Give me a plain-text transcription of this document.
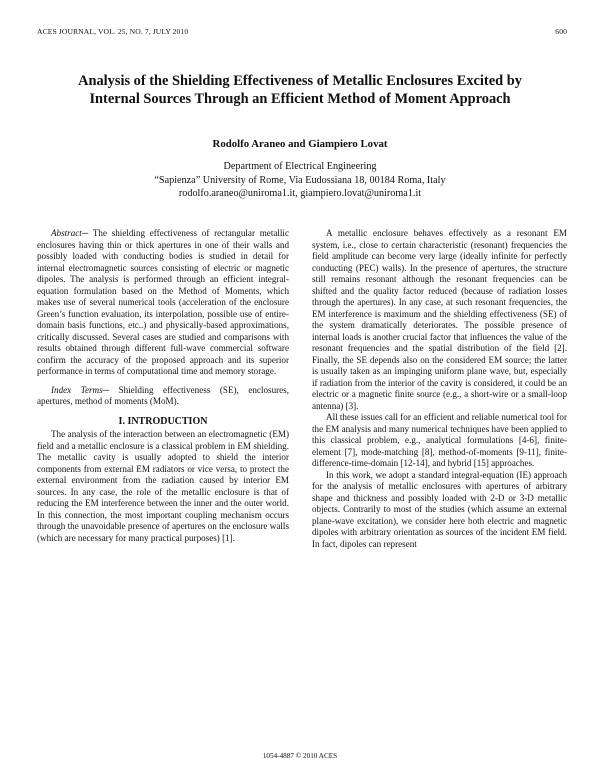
ACES JOURNAL, VOL. 25, NO. 7, JULY 2010	600
Analysis of the Shielding Effectiveness of Metallic Enclosures Excited by Internal Sources Through an Efficient Method of Moment Approach
Rodolfo Araneo and Giampiero Lovat
Department of Electrical Engineering
“Sapienza” University of Rome, Via Eudossiana 18, 00184 Roma, Italy
rodolfo.araneo@uniroma1.it, giampiero.lovat@uniroma1.it

Abstract─ The shielding effectiveness of rectangular metallic enclosures having thin or thick apertures in one of their walls and possibly loaded with conducting bodies is studied in detail for internal electromagnetic sources consisting of electric or magnetic dipoles. The analysis is performed through an efficient integral-equation formulation based on the Method of Moments, which makes use of several numerical tools (acceleration of the enclosure Green’s function evaluation, its interpolation, possible use of entire-domain basis functions, etc..) and physically-based approximations, critically discussed. Several cases are studied and comparisons with results obtained through different full-wave commercial software confirm the accuracy of the proposed approach and its superior performance in terms of computational time and memory storage.

Index Terms─ Shielding effectiveness (SE), enclosures, apertures, method of moments (MoM).

I. INTRODUCTION

The analysis of the interaction between an electromagnetic (EM) field and a metallic enclosure is a classical problem in EM shielding. The metallic cavity is usually adopted to shield the interior components from external EM radiators or vice versa, to protect the external environment from the radiation caused by interior EM sources. In any case, the role of the metallic enclosure is that of reducing the EM interference between the inner and the outer world. In this connection, the most important coupling mechanism occurs through the unavoidable presence of apertures on the enclosure walls (which are necessary for many practical purposes) [1].

A metallic enclosure behaves effectively as a resonant EM system, i.e., close to certain characteristic (resonant) frequencies the field amplitude can become very large (ideally infinite for perfectly conducting (PEC) walls). In the presence of apertures, the structure still remains resonant although the resonant frequencies can be shifted and the quality factor reduced (because of radiation losses through the apertures). In any case, at such resonant frequencies, the EM interference is maximum and the shielding effectiveness (SE) of the system dramatically deteriorates. The possible presence of internal loads is another crucial factor that influences the value of the resonant frequencies and the spatial distribution of the field [2]. Finally, the SE depends also on the considered EM source; the latter is usually taken as an impinging uniform plane wave, but, especially if radiation from the interior of the cavity is considered, it could be an electric or a magnetic finite source (e.g., a short-wire or a small-loop antenna) [3].

All these issues call for an efficient and reliable numerical tool for the EM analysis and many numerical techniques have been applied to this classical problem, e.g., analytical formulations [4-6], finite-element [7], mode-matching [8], method-of-moments [9-11], finite-difference-time-domain [12-14], and hybrid [15] approaches.

In this work, we adopt a standard integral-equation (IE) approach for the analysis of metallic enclosures with apertures of arbitrary shape and thickness and possibly loaded with 2-D or 3-D metallic objects. Contrarily to most of the studies (which assume an external plane-wave excitation), we consider here both electric and magnetic dipoles with arbitrary orientation as sources of the incident EM field. In fact, dipoles can represent

1054-4887 © 2010 ACES
